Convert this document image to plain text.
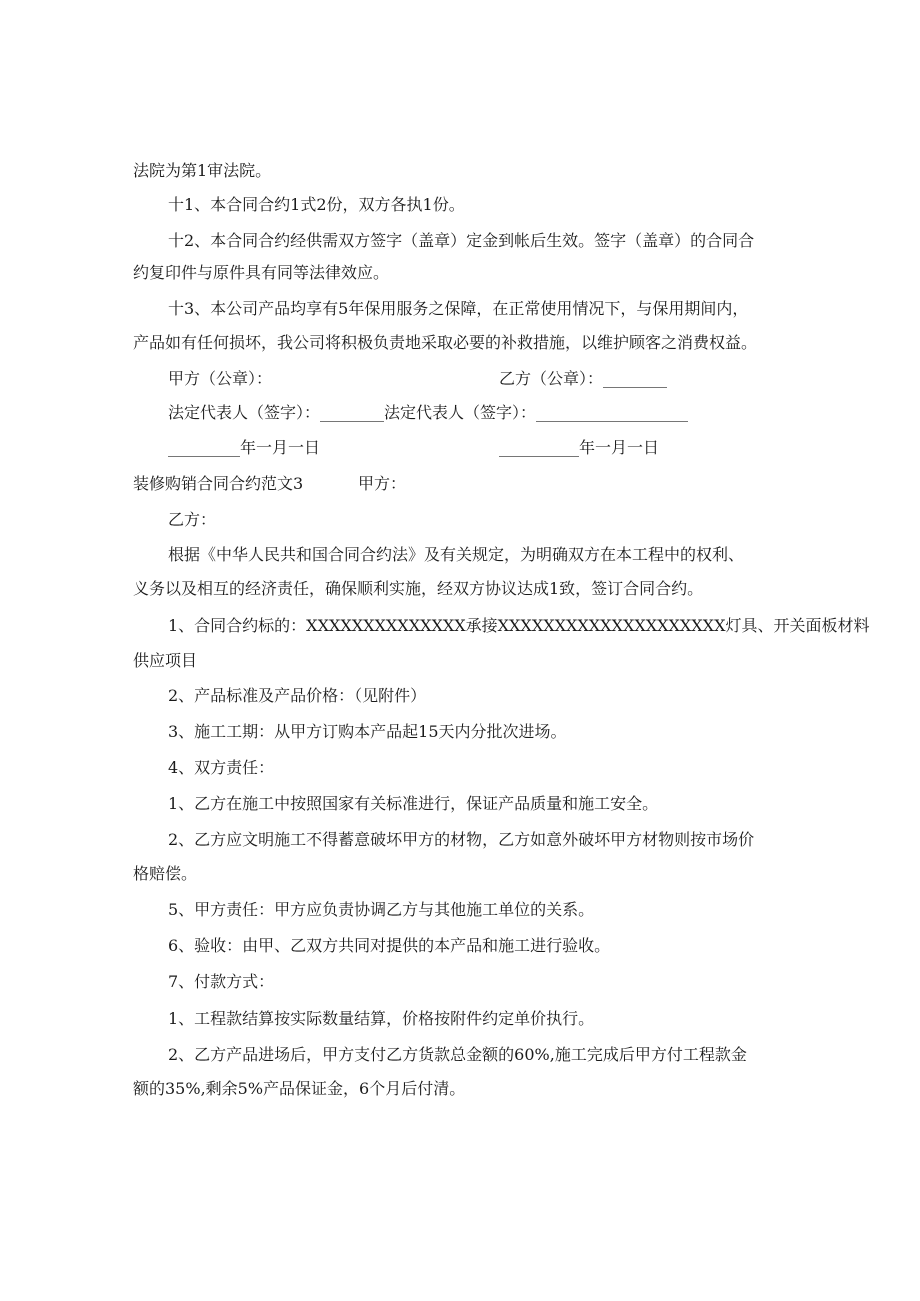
法院为第1审法院。
十1、本合同合约1式2份，双方各执1份。
十2、本合同合约经供需双方签字（盖章）定金到帐后生效。签字（盖章）的合同合
约复印件与原件具有同等法律效应。
十3、本公司产品均享有5年保用服务之保障，在正常使用情况下，与保用期间内，
产品如有任何损坏，我公司将积极负责地采取必要的补救措施，以维护顾客之消费权益。
甲方（公章）：	乙方（公章）：________
法定代表人（签字）：________法定代表人（签字）：___________________
_________年一月一日	__________年一月一日
装修购销合同合约范文3	甲方：
乙方：
根据《中华人民共和国合同合约法》及有关规定，为明确双方在本工程中的权利、
义务以及相互的经济责任，确保顺利实施，经双方协议达成1致，签订合同合约。
1、合同合约标的：XXXXXXXXXXXXXX承接XXXXXXXXXXXXXXXXXXXX灯具、开关面板材料
供应项目
2、产品标准及产品价格：（见附件）
3、施工工期：从甲方订购本产品起15天内分批次进场。
4、双方责任：
1、乙方在施工中按照国家有关标准进行，保证产品质量和施工安全。
2、乙方应文明施工不得蓄意破坏甲方的材物，乙方如意外破坏甲方材物则按市场价
格赔偿。
5、甲方责任：甲方应负责协调乙方与其他施工单位的关系。
6、验收：由甲、乙双方共同对提供的本产品和施工进行验收。
7、付款方式：
1、工程款结算按实际数量结算，价格按附件约定单价执行。
2、乙方产品进场后，甲方支付乙方货款总金额的60%,施工完成后甲方付工程款金
额的35%,剩余5%产品保证金，6个月后付清。
